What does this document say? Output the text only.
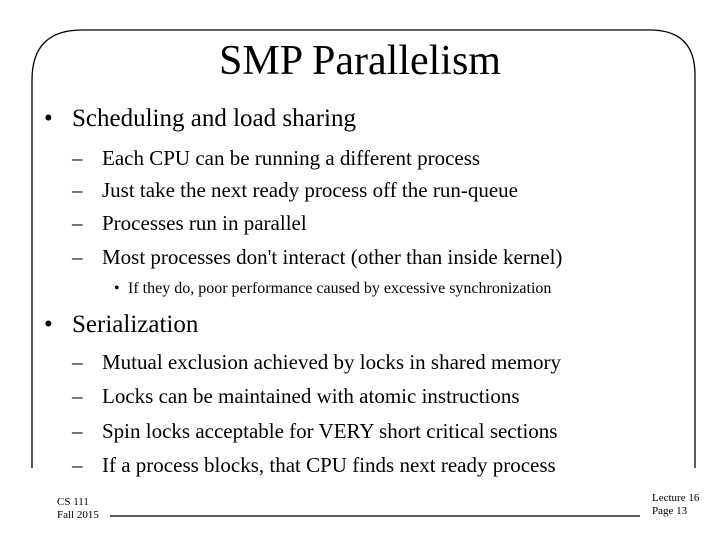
SMP Parallelism
• Scheduling and load sharing
– Each CPU can be running a different process
– Just take the next ready process off the run-queue
– Processes run in parallel
– Most processes don't interact (other than inside kernel)
• If they do, poor performance caused by excessive synchronization
• Serialization
– Mutual exclusion achieved by locks in shared memory
– Locks can be maintained with atomic instructions
– Spin locks acceptable for VERY short critical sections
– If a process blocks, that CPU finds next ready process
CS 111
Fall 2015
Lecture 16
Page 13
